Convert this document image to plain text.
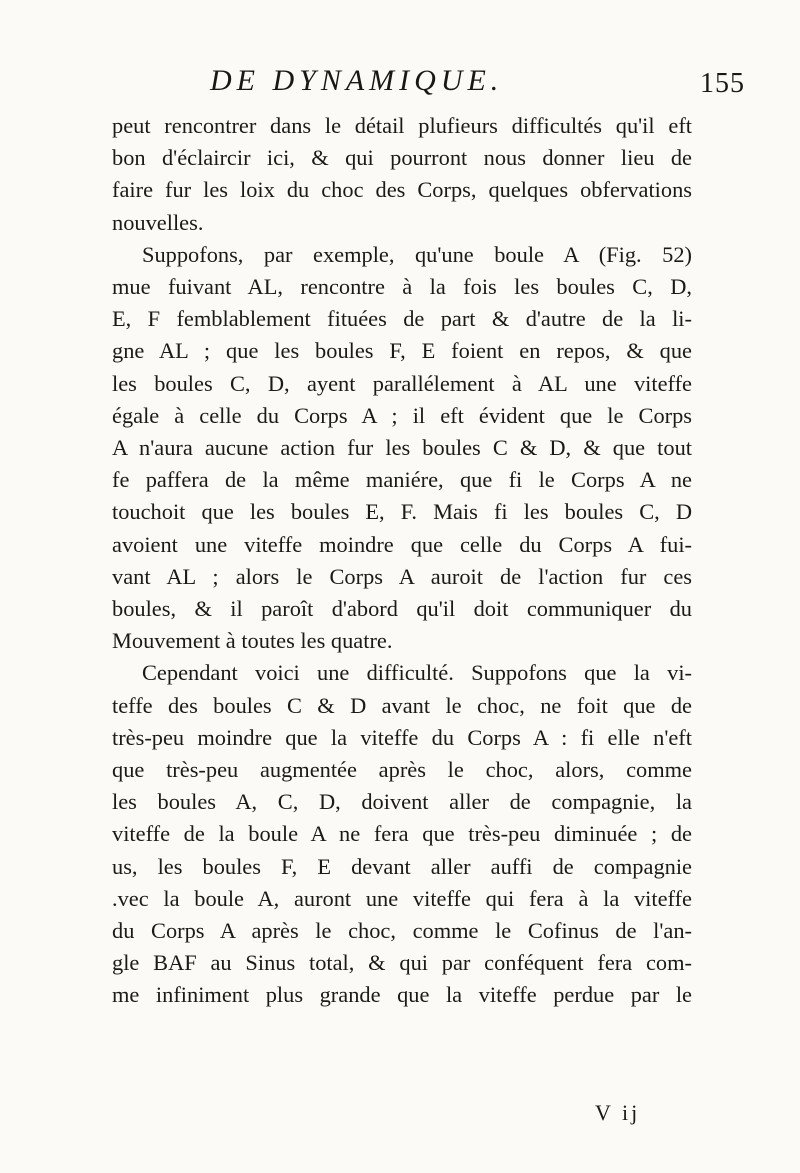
DE DYNAMIQUE.	155
peut rencontrer dans le détail plufieurs difficultés qu'il eft
bon d'éclaircir ici, & qui pourront nous donner lieu de
faire fur les loix du choc des Corps, quelques obfervations
nouvelles.
Suppofons, par exemple, qu'une boule A (Fig. 52)
mue fuivant AL, rencontre à la fois les boules C, D,
E, F femblablement fituées de part & d'autre de la li-
gne AL ; que les boules F, E foient en repos, & que
les boules C, D, ayent parallélement à AL une viteffe
égale à celle du Corps A ; il eft évident que le Corps
A n'aura aucune action fur les boules C & D, & que tout
fe paffera de la même maniére, que fi le Corps A ne
touchoit que les boules E, F. Mais fi les boules C, D
avoient une viteffe moindre que celle du Corps A fui-
vant AL ; alors le Corps A auroit de l'action fur ces
boules, & il paroît d'abord qu'il doit communiquer du
Mouvement à toutes les quatre.
Cependant voici une difficulté. Suppofons que la vi-
teffe des boules C & D avant le choc, ne foit que de
très-peu moindre que la viteffe du Corps A : fi elle n'eft
que très-peu augmentée après le choc, alors, comme
les boules A, C, D, doivent aller de compagnie, la
viteffe de la boule A ne fera que très-peu diminuée ; de
us, les boules F, E devant aller auffi de compagnie
.vec la boule A, auront une viteffe qui fera à la viteffe
du Corps A après le choc, comme le Cofinus de l'an-
gle BAF au Sinus total, & qui par conféquent fera com-
me infiniment plus grande que la viteffe perdue par le
V ij
